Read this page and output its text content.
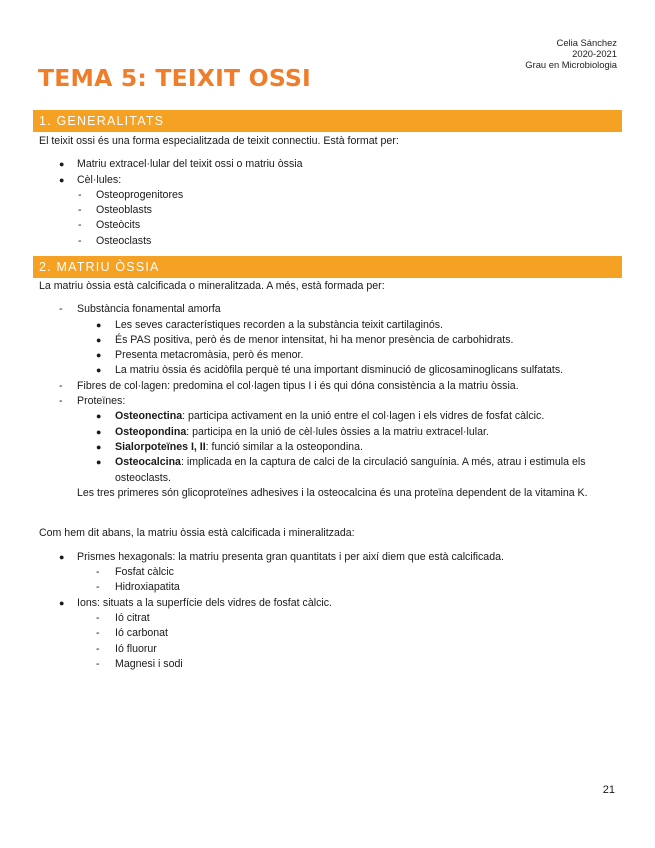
Celia Sánchez
2020-2021
Grau en Microbiologia
TEMA 5: TEIXIT OSSI
1. GENERALITATS
El teixit ossi és una forma especialitzada de teixit connectiu. Està format per:
● Matriu extracel·lular del teixit ossi o matriu òssia
● Cèl·lules:
- Osteoprogenitores
- Osteoblasts
- Osteòcits
- Osteoclasts
2. MATRIU ÒSSIA
La matriu òssia està calcificada o mineralitzada. A més, està formada per:
- Substància fonamental amorfa
● Les seves característiques recorden a la substància teixit cartilaginós.
● És PAS positiva, però és de menor intensitat, hi ha menor presència de carbohidrats.
● Presenta metacromàsia, però és menor.
● La matriu òssia és acidòfila perquè té una important disminució de glicosaminoglicans sulfatats.
- Fibres de col·lagen: predomina el col·lagen tipus I i és qui dóna consistència a la matriu òssia.
- Proteïnes:
● Osteonectina: participa activament en la unió entre el col·lagen i els vidres de fosfat càlcic.
● Osteopondina: participa en la unió de cèl·lules òssies a la matriu extracel·lular.
● Sialorpoteïnes I, II: funció similar a la osteopondina.
● Osteocalcina: implicada en la captura de calci de la circulació sanguínia. A més, atrau i estimula els osteoclasts.
Les tres primeres són glicoproteïnes adhesives i la osteocalcina és una proteïna dependent de la vitamina K.
Com hem dit abans, la matriu òssia està calcificada i mineralitzada:
● Prismes hexagonals: la matriu presenta gran quantitats i per així diem que està calcificada.
- Fosfat càlcic
- Hidroxiapatita
● Ions: situats a la superfície dels vidres de fosfat càlcic.
- Ió citrat
- Ió carbonat
- Ió fluorur
- Magnesi i sodi
21
